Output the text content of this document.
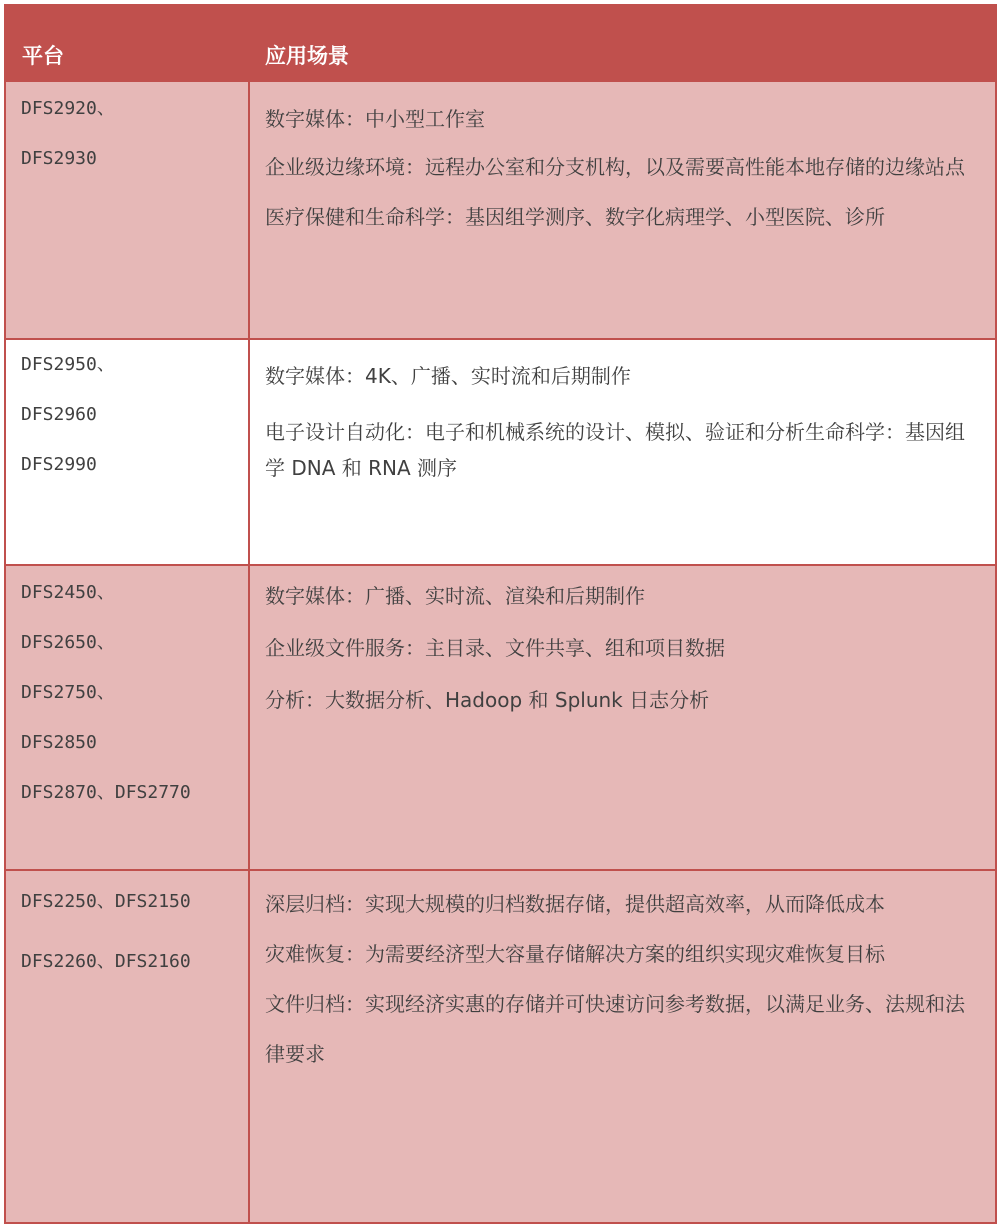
平台	应用场景
DFS2920、
DFS2930

数字媒体：中小型工作室

企业级边缘环境：远程办公室和分支机构，以及需要高性能本地存储的边缘站点

医疗保健和生命科学：基因组学测序、数字化病理学、小型医院、诊所

DFS2950、
DFS2960
DFS2990

数字媒体：4K、广播、实时流和后期制作

电子设计自动化：电子和机械系统的设计、模拟、验证和分析生命科学：基因组学 DNA 和 RNA 测序

DFS2450、
DFS2650、
DFS2750、
DFS2850
DFS2870、DFS2770

数字媒体：广播、实时流、渲染和后期制作

企业级文件服务：主目录、文件共享、组和项目数据

分析：大数据分析、Hadoop 和 Splunk 日志分析

DFS2250、DFS2150
DFS2260、DFS2160

深层归档：实现大规模的归档数据存储，提供超高效率，从而降低成本

灾难恢复：为需要经济型大容量存储解决方案的组织实现灾难恢复目标

文件归档：实现经济实惠的存储并可快速访问参考数据，以满足业务、法规和法律要求
